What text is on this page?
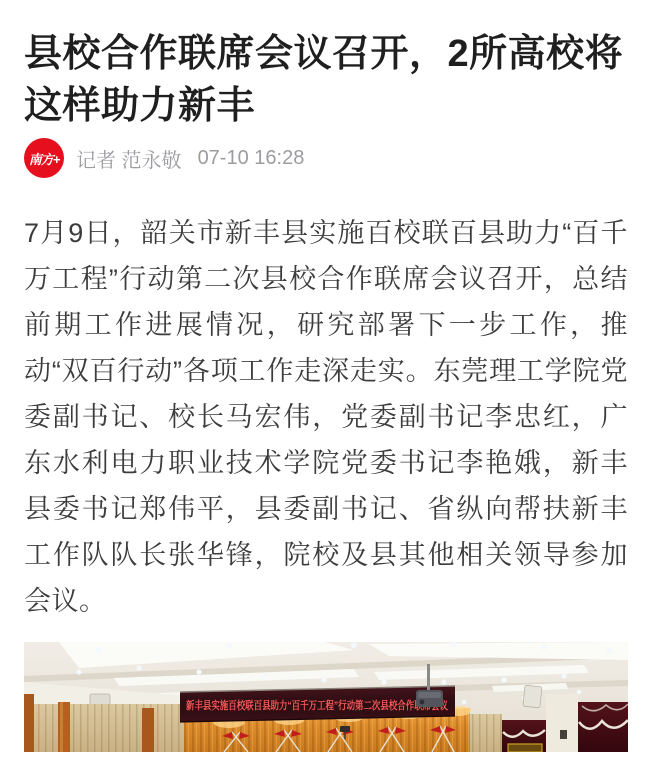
县校合作联席会议召开，2所高校将这样助力新丰
南方+ 记者 范永敬 07-10 16:28

7月9日，韶关市新丰县实施百校联百县助力“百千万工程”行动第二次县校合作联席会议召开，总结前期工作进展情况，研究部署下一步工作，推动“双百行动”各项工作走深走实。东莞理工学院党委副书记、校长马宏伟，党委副书记李忠红，广东水利电力职业技术学院党委书记李艳娥，新丰县委书记郑伟平，县委副书记、省纵向帮扶新丰工作队队长张华锋，院校及县其他相关领导参加会议。

新丰县实施百校联百县助力“百千万工程”行动第二次县校合作联席会议
